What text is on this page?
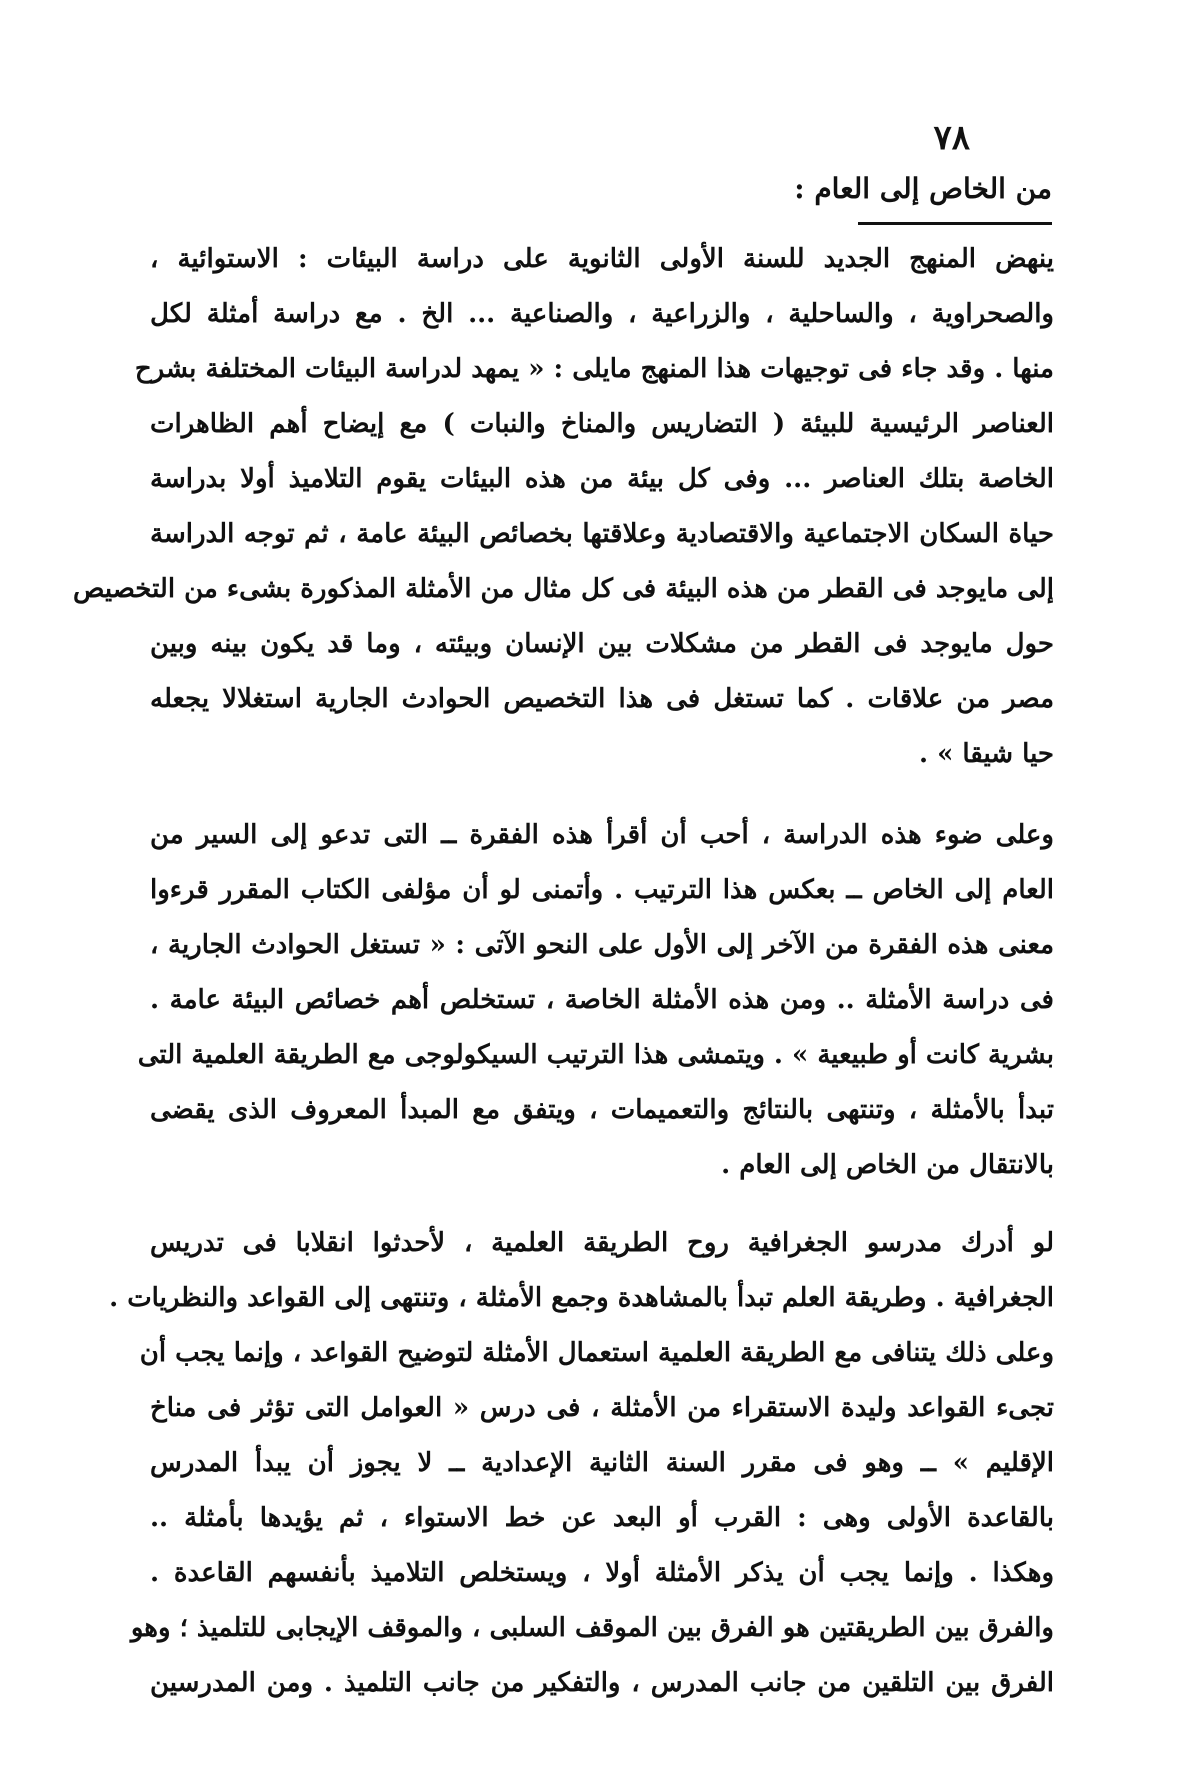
٧٨
من الخاص إلى العام :
ينهض المنهج الجديد للسنة الأولى الثانوية على دراسة البيئات : الاستوائية ،
والصحراوية ، والساحلية ، والزراعية ، والصناعية ... الخ . مع دراسة أمثلة لكل
منها . وقد جاء فى توجيهات هذا المنهج مايلى : « يمهد لدراسة البيئات المختلفة بشرح
العناصر الرئيسية للبيئة ( التضاريس والمناخ والنبات ) مع إيضاح أهم الظاهرات
الخاصة بتلك العناصر ... وفى كل بيئة من هذه البيئات يقوم التلاميذ أولا بدراسة
حياة السكان الاجتماعية والاقتصادية وعلاقتها بخصائص البيئة عامة ، ثم توجه الدراسة
إلى مايوجد فى القطر من هذه البيئة فى كل مثال من الأمثلة المذكورة بشىء من التخصيص
حول مايوجد فى القطر من مشكلات بين الإنسان وبيئته ، وما قد يكون بينه وبين
مصر من علاقات . كما تستغل فى هذا التخصيص الحوادث الجارية استغلالا يجعله
حيا شيقا » .
وعلى ضوء هذه الدراسة ، أحب أن أقرأ هذه الفقرة ــ التى تدعو إلى السير من
العام إلى الخاص ــ بعكس هذا الترتيب . وأتمنى لو أن مؤلفى الكتاب المقرر قرءوا
معنى هذه الفقرة من الآخر إلى الأول على النحو الآتى : « تستغل الحوادث الجارية ،
فى دراسة الأمثلة .. ومن هذه الأمثلة الخاصة ، تستخلص أهم خصائص البيئة عامة .
بشرية كانت أو طبيعية » . ويتمشى هذا الترتيب السيكولوجى مع الطريقة العلمية التى
تبدأ بالأمثلة ، وتنتهى بالنتائج والتعميمات ، ويتفق مع المبدأ المعروف الذى يقضى
بالانتقال من الخاص إلى العام .
لو أدرك مدرسو الجغرافية روح الطريقة العلمية ، لأحدثوا انقلابا فى تدريس
الجغرافية . وطريقة العلم تبدأ بالمشاهدة وجمع الأمثلة ، وتنتهى إلى القواعد والنظريات .
وعلى ذلك يتنافى مع الطريقة العلمية استعمال الأمثلة لتوضيح القواعد ، وإنما يجب أن
تجىء القواعد وليدة الاستقراء من الأمثلة ، فى درس « العوامل التى تؤثر فى مناخ
الإقليم » ــ وهو فى مقرر السنة الثانية الإعدادية ــ لا يجوز أن يبدأ المدرس
بالقاعدة الأولى وهى : القرب أو البعد عن خط الاستواء ، ثم يؤيدها بأمثلة ..
وهكذا . وإنما يجب أن يذكر الأمثلة أولا ، ويستخلص التلاميذ بأنفسهم القاعدة .
والفرق بين الطريقتين هو الفرق بين الموقف السلبى ، والموقف الإيجابى للتلميذ ؛ وهو
الفرق بين التلقين من جانب المدرس ، والتفكير من جانب التلميذ . ومن المدرسين
